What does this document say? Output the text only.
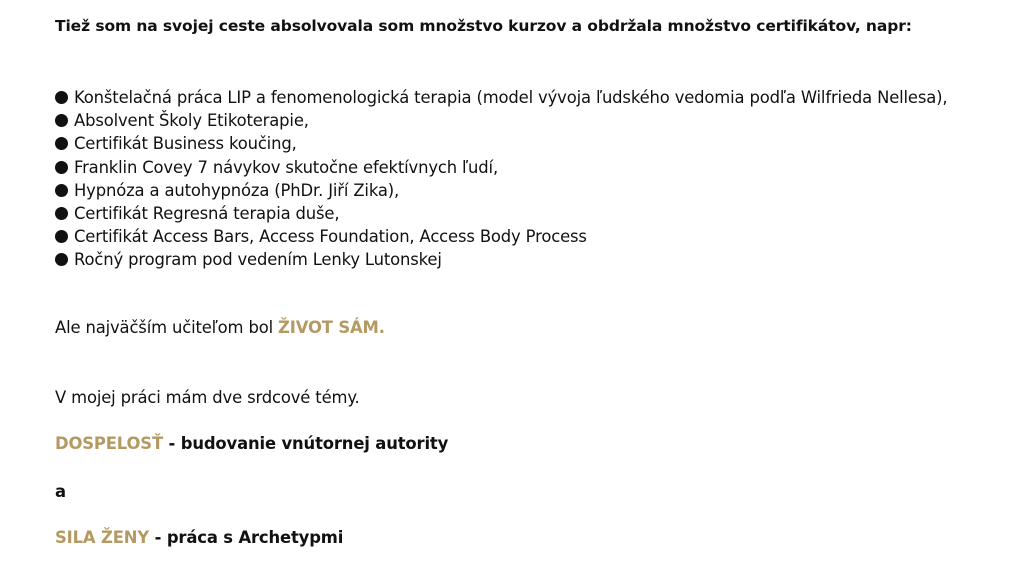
Tiež som na svojej ceste absolvovala som množstvo kurzov a obdržala množstvo certifikátov, napr:
Konštelačná práca LIP a fenomenologická terapia (model vývoja ľudského vedomia podľa Wilfrieda Nellesa),
Absolvent Školy Etikoterapie,
Certifikát Business koučing,
Franklin Covey 7 návykov skutočne efektívnych ľudí,
Hypnóza a autohypnóza (PhDr. Jiří Zika),
Certifikát Regresná terapia duše,
Certifikát Access Bars, Access Foundation, Access Body Process
Ročný program pod vedením Lenky Lutonskej
Ale najväčším učiteľom bol ŽIVOT SÁM.
V mojej práci mám dve srdcové témy.
DOSPELOSŤ - budovanie vnútornej autority
a
SILA ŽENY - práca s Archetypmi
